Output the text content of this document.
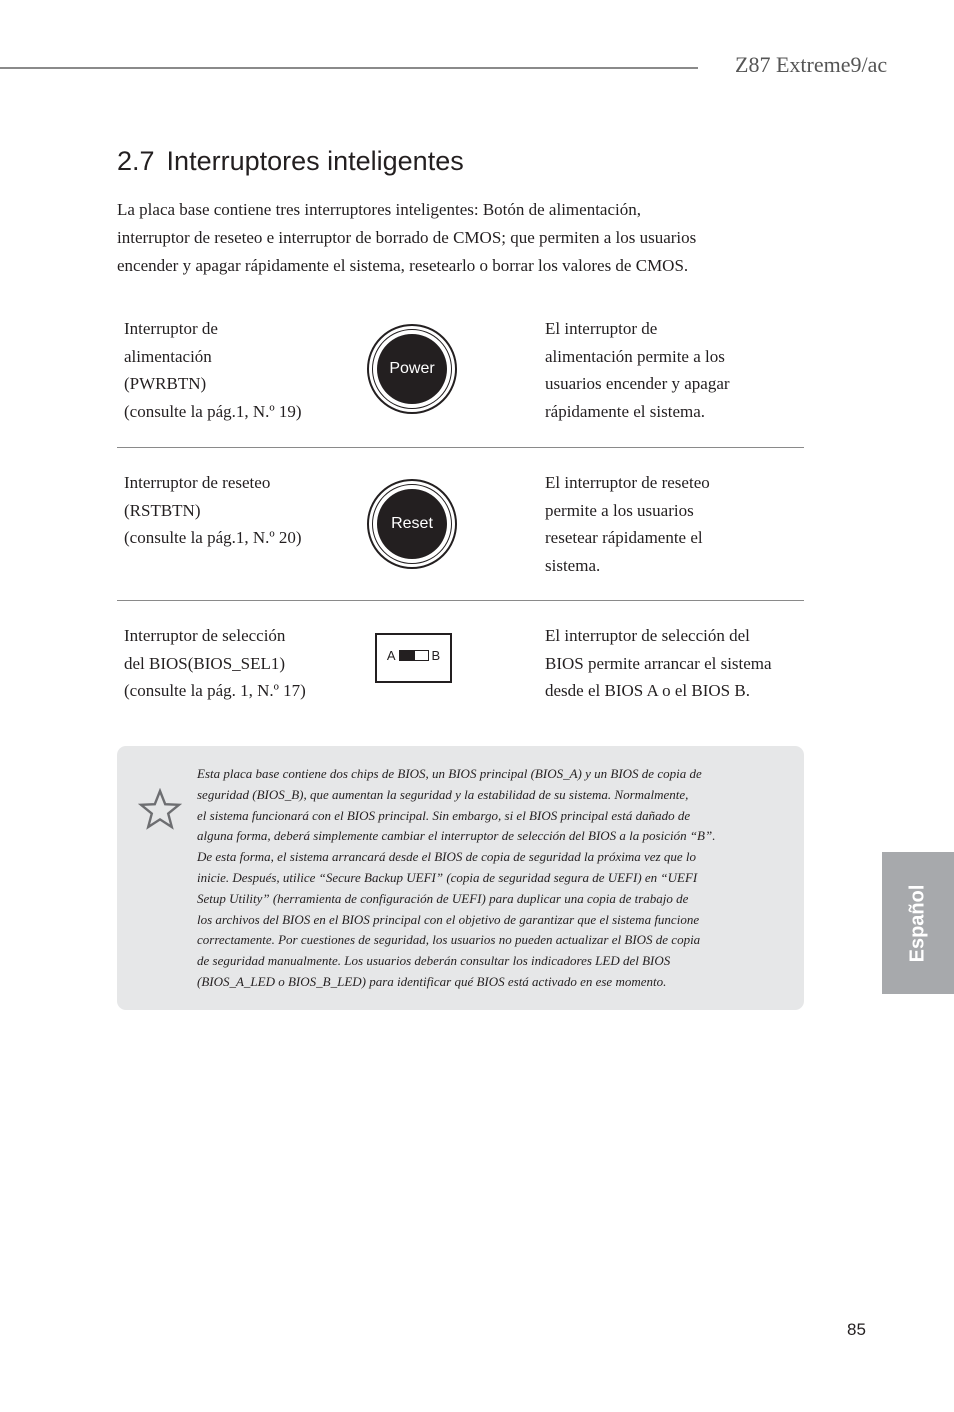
Z87 Extreme9/ac
2.7 Interruptores inteligentes

La placa base contiene tres interruptores inteligentes: Botón de alimentación,
interruptor de reseteo e interruptor de borrado de CMOS; que permiten a los usuarios
encender y apagar rápidamente el sistema, resetearlo o borrar los valores de CMOS.

Interruptor de
alimentación
(PWRBTN)
(consulte la pág.1, N.º 19)
Power
El interruptor de
alimentación permite a los
usuarios encender y apagar
rápidamente el sistema.
Interruptor de reseteo
(RSTBTN)
(consulte la pág.1, N.º 20)
Reset
El interruptor de reseteo
permite a los usuarios
resetear rápidamente el
sistema.
Interruptor de selección
del BIOS(BIOS_SEL1)
(consulte la pág. 1, N.º 17)
A	B
El interruptor de selección del
BIOS permite arrancar el sistema
desde el BIOS A o el BIOS B.

Esta placa base contiene dos chips de BIOS, un BIOS principal (BIOS_A) y un BIOS de copia de
seguridad (BIOS_B), que aumentan la seguridad y la estabilidad de su sistema. Normalmente,
el sistema funcionará con el BIOS principal. Sin embargo, si el BIOS principal está dañado de
alguna forma, deberá simplemente cambiar el interruptor de selección del BIOS a la posición “B”.
De esta forma, el sistema arrancará desde el BIOS de copia de seguridad la próxima vez que lo
inicie. Después, utilice “Secure Backup UEFI” (copia de seguridad segura de UEFI) en “UEFI
Setup Utility” (herramienta de configuración de UEFI) para duplicar una copia de trabajo de
los archivos del BIOS en el BIOS principal con el objetivo de garantizar que el sistema funcione
correctamente. Por cuestiones de seguridad, los usuarios no pueden actualizar el BIOS de copia
de seguridad manualmente. Los usuarios deberán consultar los indicadores LED del BIOS
(BIOS_A_LED o BIOS_B_LED) para identificar qué BIOS está activado en ese momento.

Español
85
